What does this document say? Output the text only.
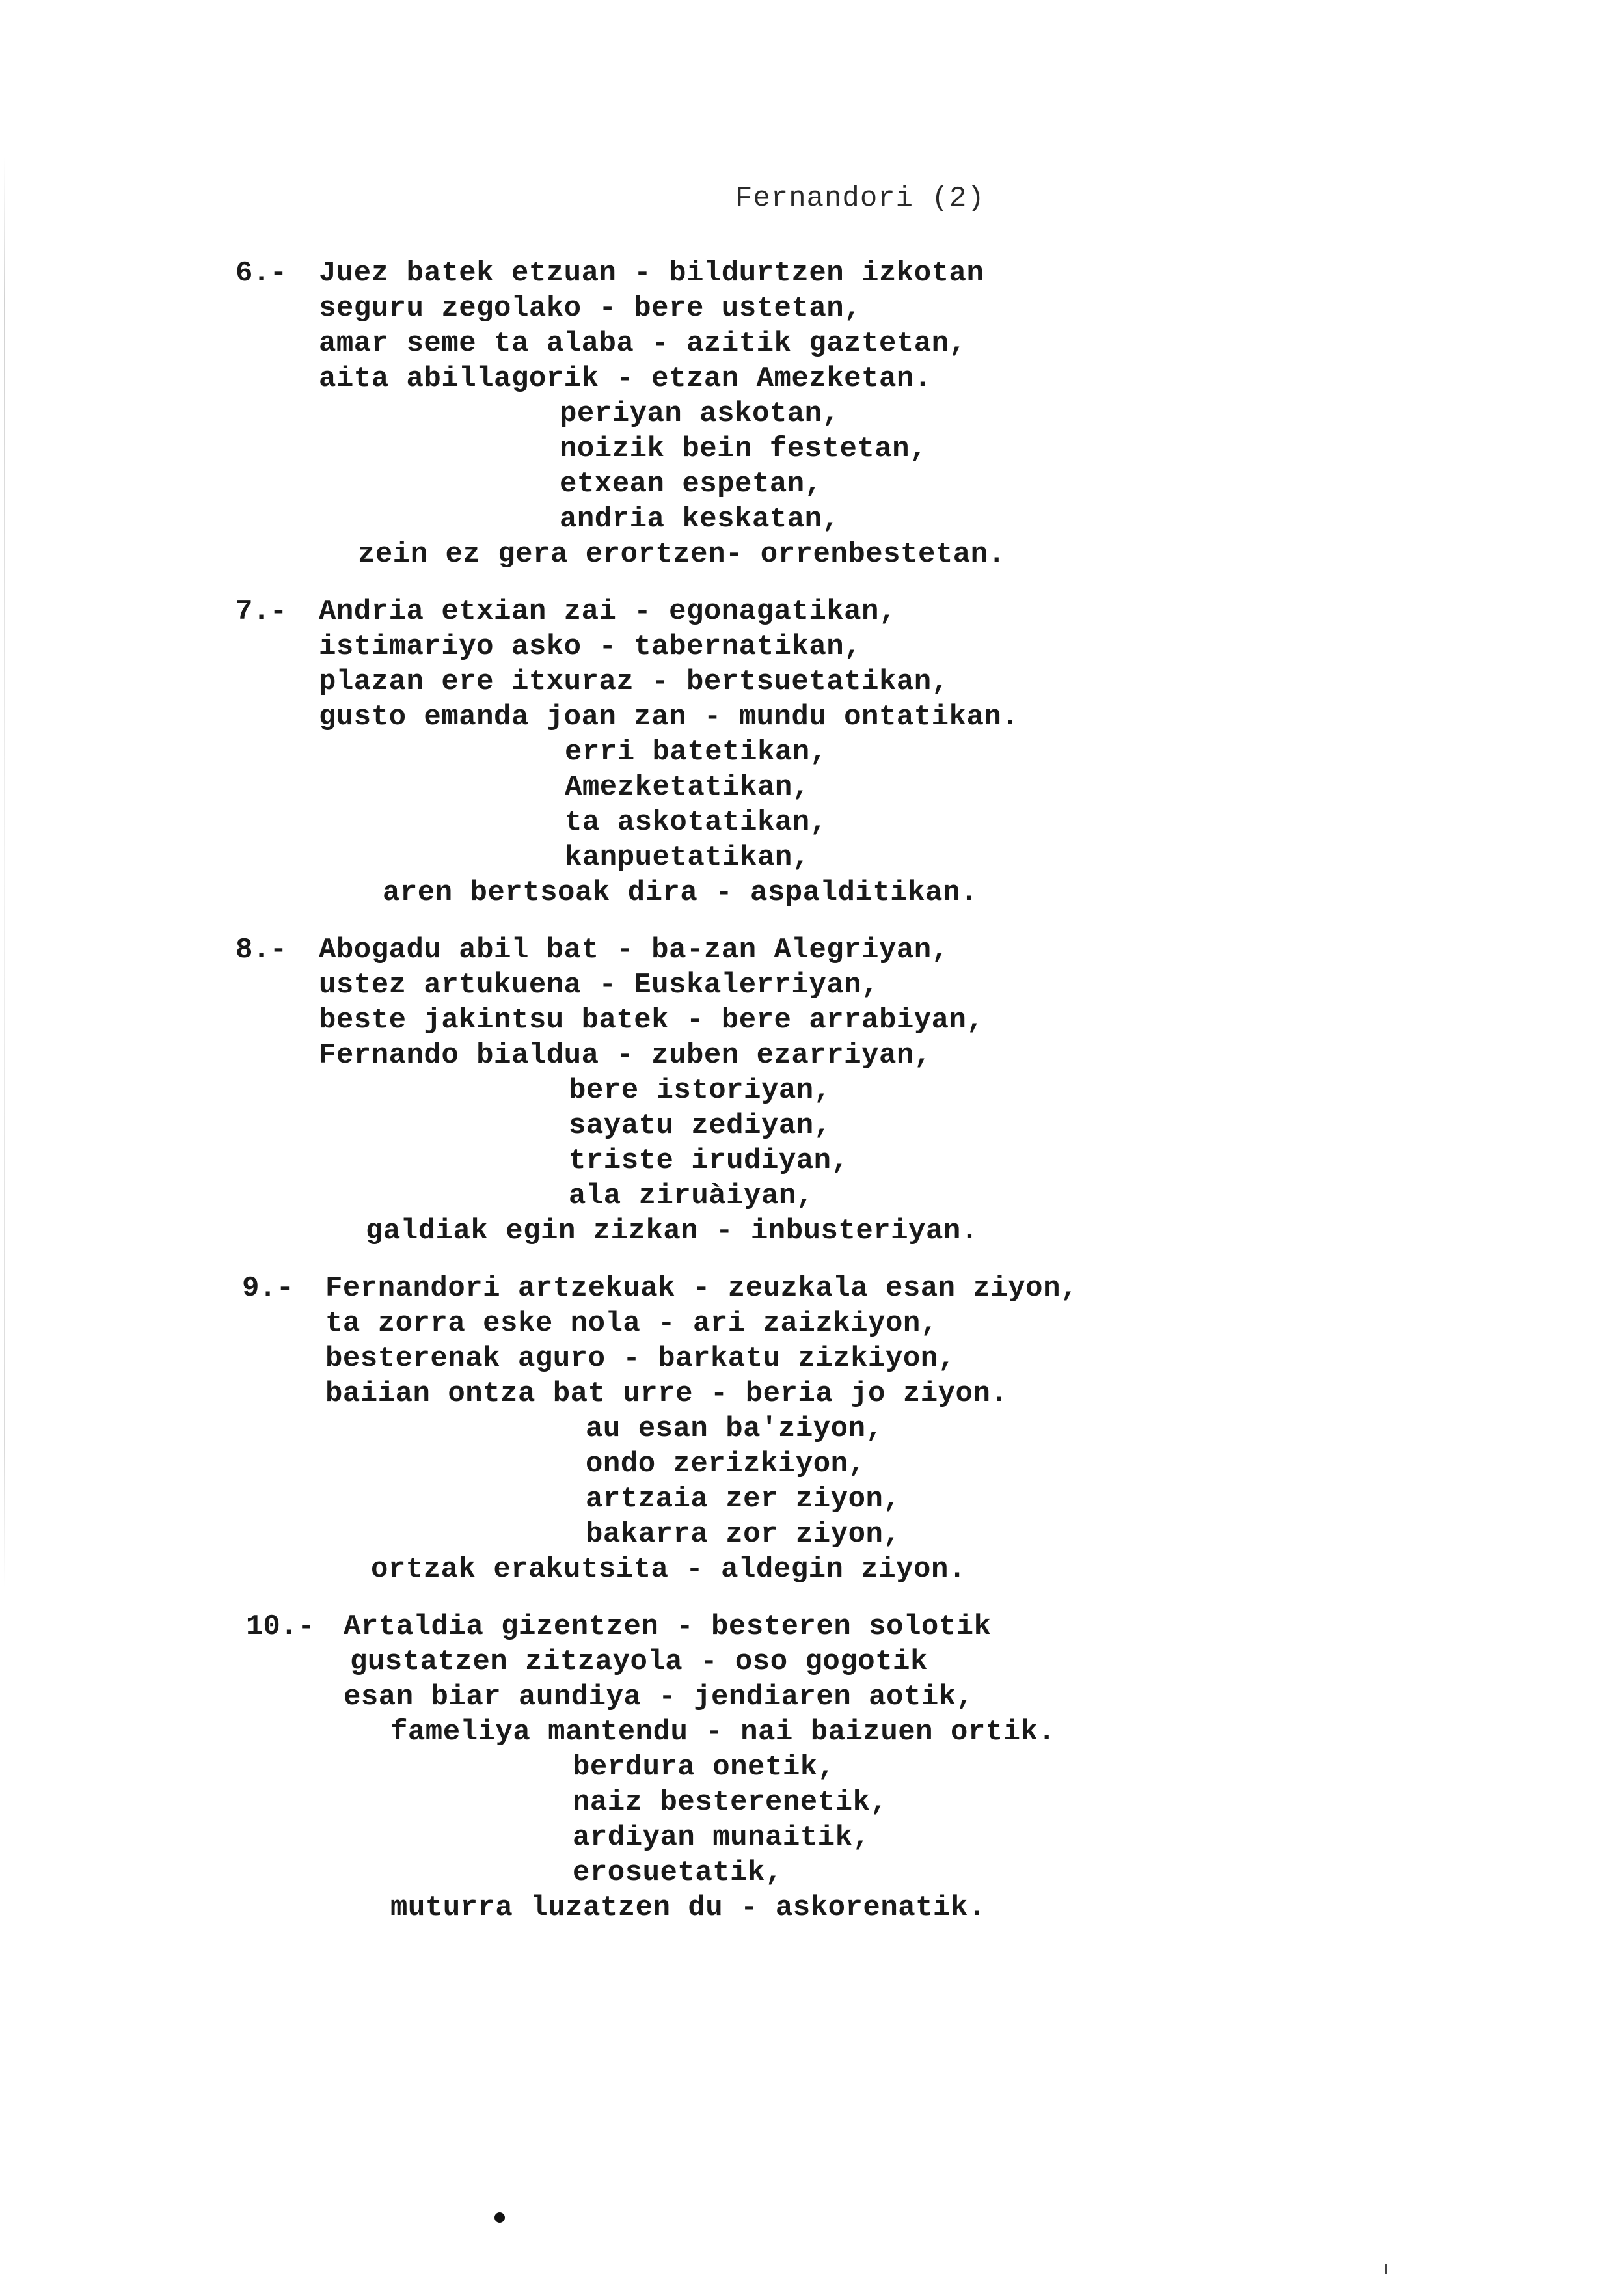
Fernandori (2)
6.- Juez batek etzuan - bildurtzen izkotan
seguru zegolako - bere ustetan,
amar seme ta alaba - azitik gaztetan,
aita abillagorik - etzan Amezketan.
periyan askotan,
noizik bein festetan,
etxean espetan,
andria keskatan,
zein ez gera erortzen- orrenbestetan.
7.- Andria etxian zai - egonagatikan,
istimariyo asko - tabernatikan,
plazan ere itxuraz - bertsuetatikan,
gusto emanda joan zan - mundu ontatikan.
erri batetikan,
Amezketatikan,
ta askotatikan,
kanpuetatikan,
aren bertsoak dira - aspalditikan.
8.- Abogadu abil bat - ba-zan Alegriyan,
ustez artukuena - Euskalerriyan,
beste jakintsu batek - bere arrabiyan,
Fernando bialdua - zuben ezarriyan,
bere istoriyan,
sayatu zediyan,
triste irudiyan,
ala ziruàiyan,
galdiak egin zizkan - inbusteriyan.
9.- Fernandori artzekuak - zeuzkala esan ziyon,
ta zorra eske nola - ari zaizkiyon,
besterenak aguro - barkatu zizkiyon,
baiian ontza bat urre - beria jo ziyon.
au esan ba'ziyon,
ondo zerizkiyon,
artzaia zer ziyon,
bakarra zor ziyon,
ortzak erakutsita - aldegin ziyon.
10.- Artaldia gizentzen - besteren solotik
gustatzen zitzayola - oso gogotik
esan biar aundiya - jendiaren aotik,
fameliya mantendu - nai baizuen ortik.
berdura onetik,
naiz besterenetik,
ardiyan munaitik,
erosuetatik,
muturra luzatzen du - askorenatik.
